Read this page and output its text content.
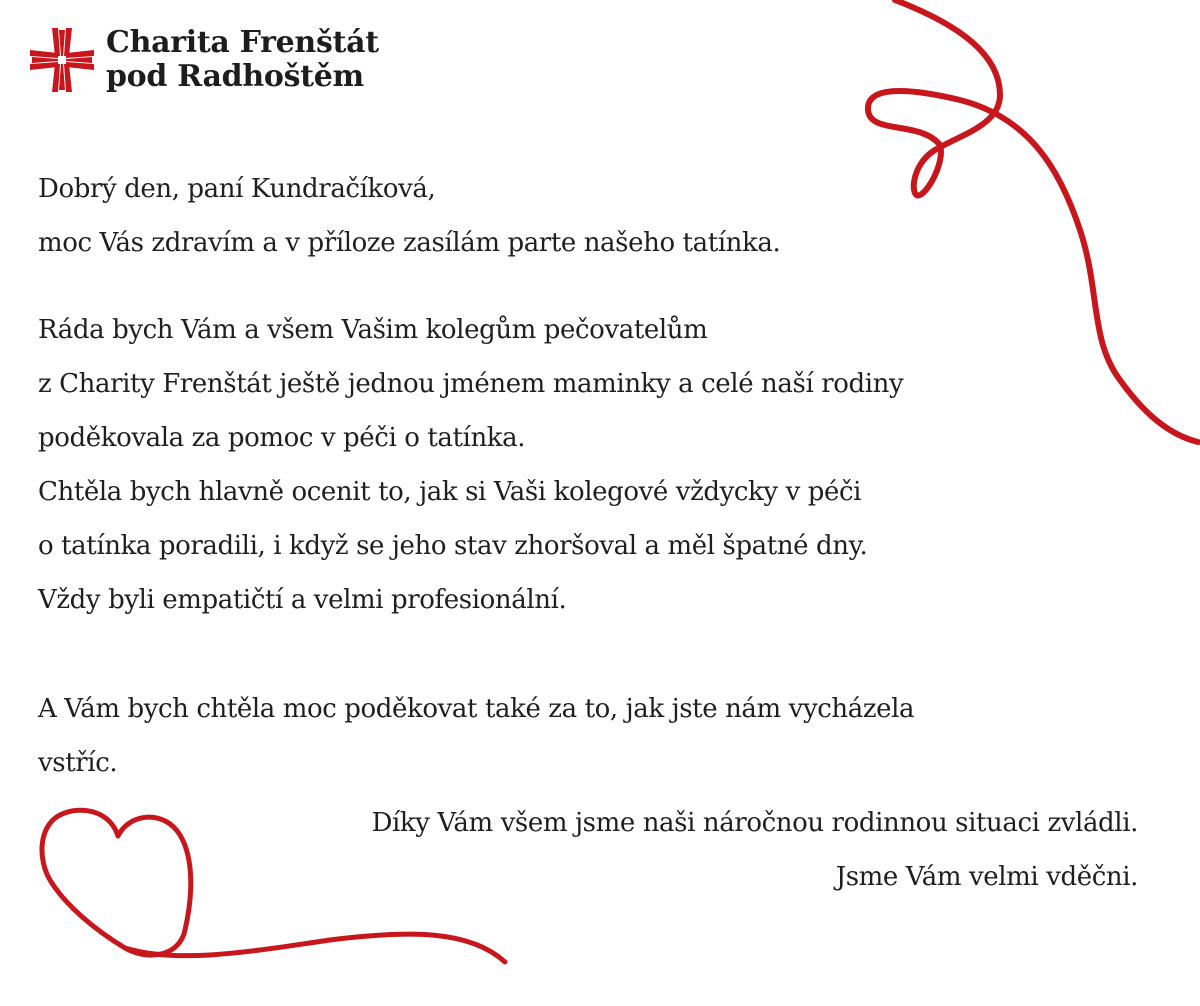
Charita Frenštát
pod Radhoštěm

Dobrý den, paní Kundračíková,

moc Vás zdravím a v příloze zasílám parte našeho tatínka.

Ráda bych Vám a všem Vašim kolegům pečovatelům

z Charity Frenštát ještě jednou jménem maminky a celé naší rodiny

poděkovala za pomoc v péči o tatínka.

Chtěla bych hlavně ocenit to, jak si Vaši kolegové vždycky v péči

o tatínka poradili, i když se jeho stav zhoršoval a měl špatné dny.

Vždy byli empatičtí a velmi profesionální.

A Vám bych chtěla moc poděkovat také za to, jak jste nám vycházela

vstříc.

Díky Vám všem jsme naši náročnou rodinnou situaci zvládli.

Jsme Vám velmi vděčni.
